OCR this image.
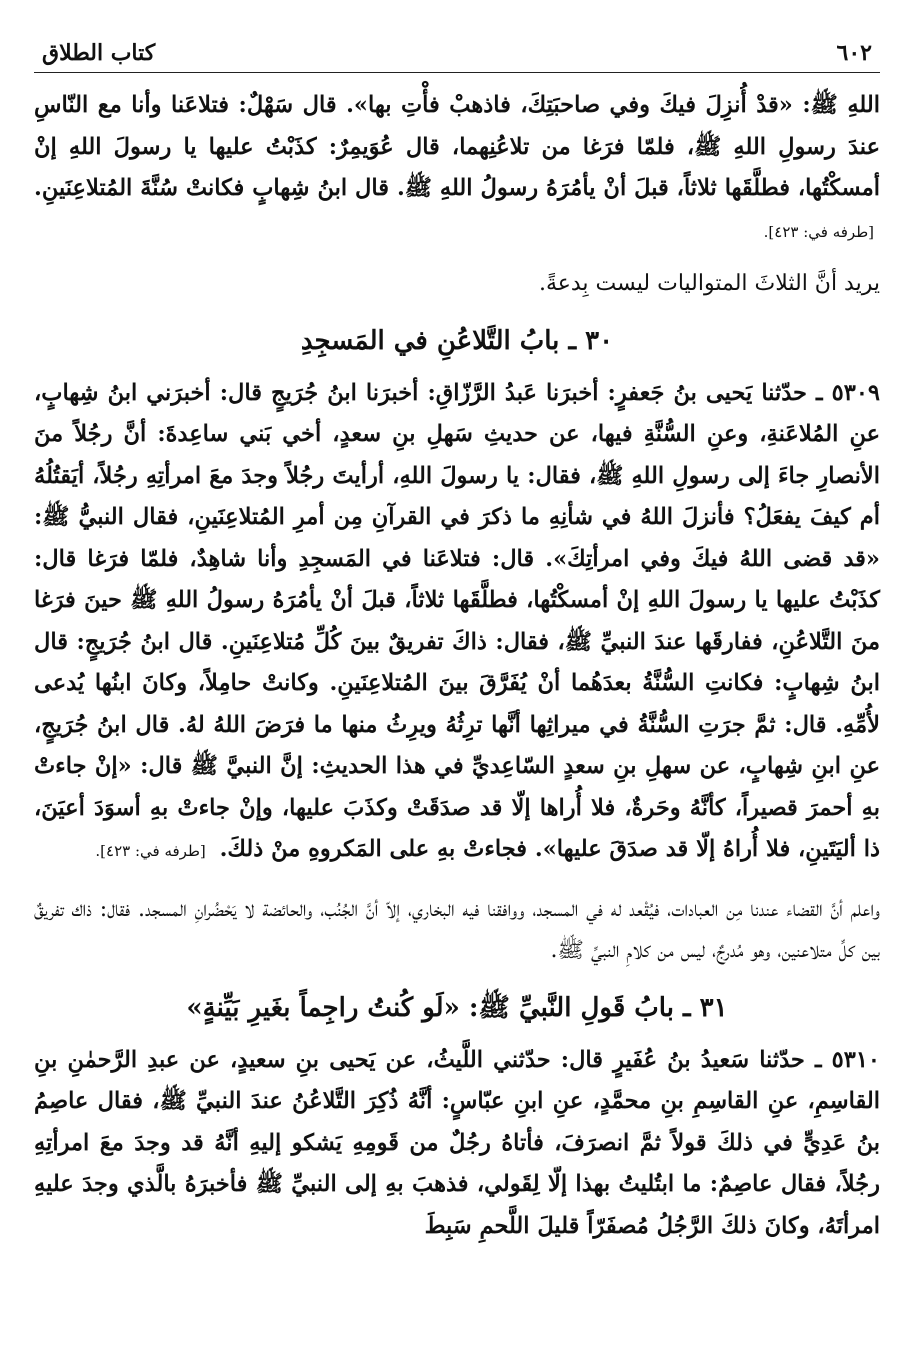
٦٠٢
كتاب الطلاق
اللهِ ﷺ: «قدْ أُنزِلَ فيكَ وفي صاحبَتِكَ، فاذهبْ فأْتِ بها». قال سَهْلٌ: فتلاعَنا وأنا مع النّاسِ عندَ رسولِ اللهِ ﷺ، فلمّا فرَغا من تلاعُنِهما، قال عُوَيمِرٌ: كذَبْتُ عليها يا رسولَ اللهِ إنْ أمسكْتُها، فطلَّقَها ثلاثاً، قبلَ أنْ يأمُرَهُ رسولُ اللهِ ﷺ. قال ابنُ شِهابٍ فكانتْ سُنَّةَ المُتلاعِنَينِ. [طرفه في: ٤٢٣].
يريد أنَّ الثلاثَ المتواليات ليست بِدعةً.
٣٠ ـ بابُ التَّلاعُنِ في المَسجِدِ
٥٣٠٩ ـ حدّثنا يَحيى بنُ جَعفرٍ: أخبرَنا عَبدُ الرَّزّاقِ: أخبرَنا ابنُ جُرَيجٍ قال: أخبرَني ابنُ شِهابٍ، عنِ المُلاعَنةِ، وعنِ السُّنَّةِ فيها، عن حديثِ سَهلِ بنِ سعدٍ، أخي بَني ساعِدةَ: أنَّ رجُلاً منَ الأنصارِ جاءَ إلى رسولِ اللهِ ﷺ، فقال: يا رسولَ اللهِ، أرأيتَ رجُلاً وجدَ معَ امرأتِهِ رجُلاً، أيَقتُلُهُ أم كيفَ يفعَلُ؟ فأنزلَ اللهُ في شأنِهِ ما ذكرَ في القرآنِ مِن أمرِ المُتلاعِنَينِ، فقال النبيُّ ﷺ: «قد قضى اللهُ فيكَ وفي امرأتِكَ». قال: فتلاعَنا في المَسجِدِ وأنا شاهِدٌ، فلمّا فرَغا قال: كذَبْتُ عليها يا رسولَ اللهِ إنْ أمسكْتُها، فطلَّقَها ثلاثاً، قبلَ أنْ يأمُرَهُ رسولُ اللهِ ﷺ حينَ فرَغا منَ التَّلاعُنِ، ففارقَها عندَ النبيِّ ﷺ، فقال: ذاكَ تفريقٌ بينَ كُلِّ مُتلاعِنَينِ. قال ابنُ جُرَيجٍ: قال ابنُ شِهابٍ: فكانتِ السُّنَّةُ بعدَهُما أنْ يُفَرَّقَ بينَ المُتلاعِنَينِ. وكانتْ حامِلاً، وكانَ ابنُها يُدعى لأُمِّهِ. قال: ثمَّ جرَتِ السُّنَّةُ في ميراثِها أنَّها ترِثُهُ ويرِثُ منها ما فرَضَ اللهُ لهُ. قال ابنُ جُرَيجٍ، عنِ ابنِ شِهابٍ، عن سهلِ بنِ سعدٍ السّاعِديِّ في هذا الحديثِ: إنَّ النبيَّ ﷺ قال: «إنْ جاءتْ بهِ أحمرَ قصيراً، كأنَّهُ وحَرةٌ، فلا أُراها إلّا قد صدَقَتْ وكذَبَ عليها، وإنْ جاءتْ بهِ أسوَدَ أعيَنَ، ذا أليَتَينِ، فلا أُراهُ إلّا قد صدَقَ عليها». فجاءتْ بهِ على المَكروهِ منْ ذلكَ. [طرفه في: ٤٢٣].
واعلم أنَّ القضاء عندنا مِن العبادات، فيُقْعد له في المسجد، ووافقنا فيه البخاري، إلاّ أنَّ الجُنُب، والحائضة لا يَحْضُرانِ المسجد. فقال: ذاك تفريقٌ بين كلِّ متلاعنين، وهو مُدرجٌ، ليس من كلامِ النبيِّ ﷺ.
٣١ ـ بابُ قَولِ النَّبيِّ ﷺ: «لَو كُنتُ راجِماً بغَيرِ بَيِّنةٍ»
٥٣١٠ ـ حدّثنا سَعيدُ بنُ عُفَيرٍ قال: حدّثني اللَّيثُ، عن يَحيى بنِ سعيدٍ، عن عبدِ الرَّحمٰنِ بنِ القاسِمِ، عنِ القاسِمِ بنِ محمَّدٍ، عنِ ابنِ عبّاسٍ: أنَّهُ ذُكِرَ التَّلاعُنُ عندَ النبيِّ ﷺ، فقال عاصِمُ بنُ عَدِيٍّ في ذلكَ قولاً ثمَّ انصرَفَ، فأتاهُ رجُلٌ من قَومِهِ يَشكو إليهِ أنَّهُ قد وجدَ معَ امرأتِهِ رجُلاً، فقال عاصِمٌ: ما ابتُليتُ بهذا إلّا لِقَولي، فذهبَ بهِ إلى النبيِّ ﷺ فأخبرَهُ بالَّذي وجدَ عليهِ امرأتَهُ، وكانَ ذلكَ الرَّجُلُ مُصفَرّاً قليلَ اللَّحمِ سَبِطَ
